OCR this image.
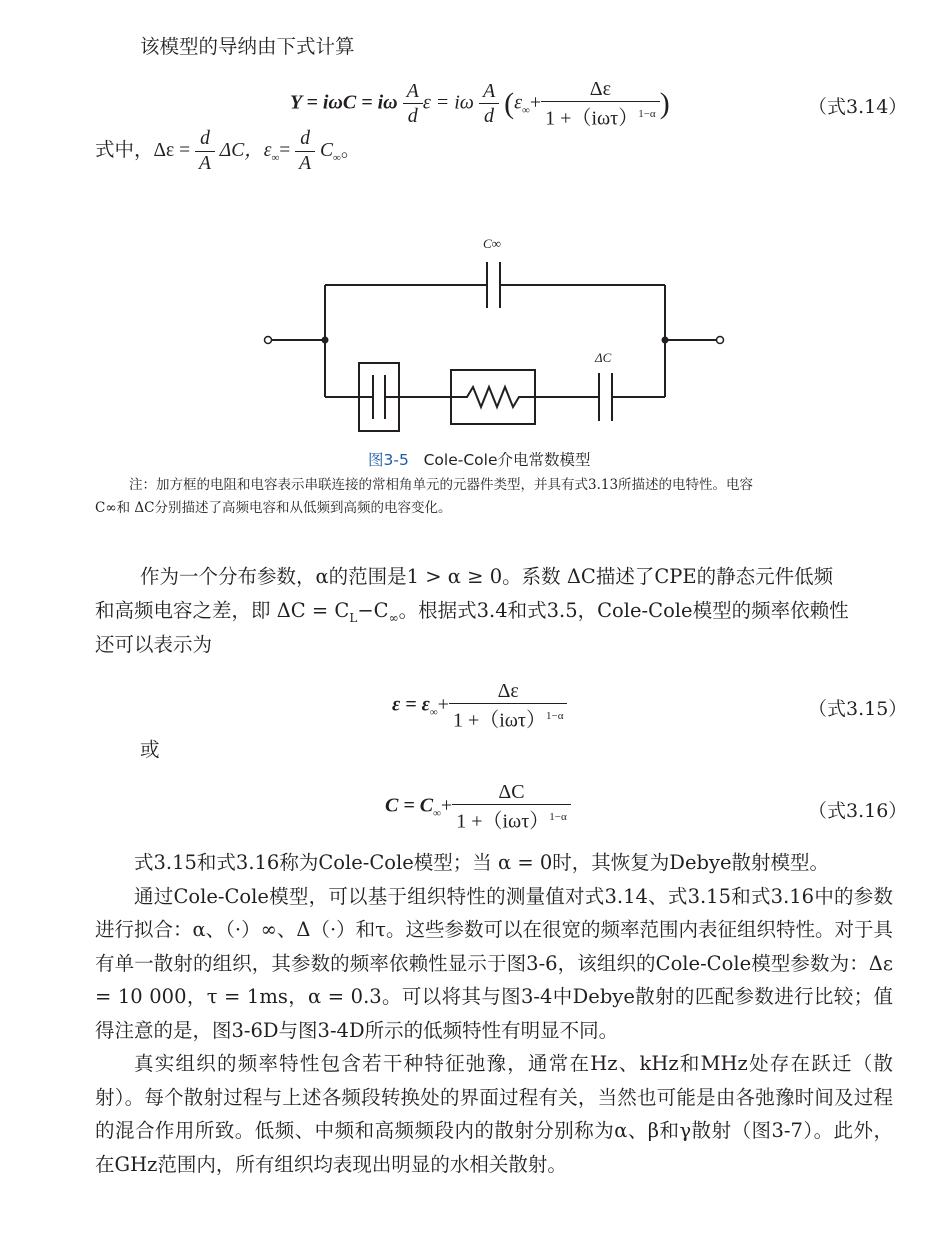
该模型的导纳由下式计算
Y = iωC = iω $\frac{A}{d}$ ε = iω $\frac{A}{d} (\varepsilon_\infty+ \frac{\Delta\varepsilon}{1 +(i\omega\tau)^{1-\alpha}}$ )	（式3.14）
式中，$\Delta\varepsilon = \frac{d}{A}$ ΔC，$\varepsilon_\infty= \frac{d}{A} C_\infty$。
C∞
ΔC
图3-5 Cole-Cole介电常数模型
注：加方框的电阻和电容表示串联连接的常相角单元的元器件类型，并具有式3.13所描述的电特性。电容
C∞和 ΔC分别描述了高频电容和从低频到高频的电容变化。
作为一个分布参数，α的范围是1 > α ≥ 0。系数 ΔC描述了CPE的静态元件低频
和高频电容之差，即 $\Delta C = C_L-C_\infty$。根据式3.4和式3.5，Cole-Cole模型的频率依赖性
还可以表示为
$\varepsilon = \varepsilon_\infty+ \frac{\Delta\varepsilon}{1 +(i\omega\tau)^{1-\alpha}}$	（式3.15）
或
$C = C_\infty+ \frac{\Delta C}{1 +(i\omega\tau)^{1-\alpha}}$	（式3.16）

式3.15和式3.16称为Cole-Cole模型；当 α = 0时，其恢复为Debye散射模型。

通过Cole-Cole模型，可以基于组织特性的测量值对式3.14、式3.15和式3.16中的参数进行拟合：α、（·）∞、Δ（·）和τ。这些参数可以在很宽的频率范围内表征组织特性。对于具有单一散射的组织，其参数的频率依赖性显示于图3-6，该组织的Cole-Cole模型参数为：Δε = 10 000，τ = 1ms，α = 0.3。可以将其与图3-4中Debye散射的匹配参数进行比较；值得注意的是，图3-6D与图3-4D所示的低频特性有明显不同。

真实组织的频率特性包含若干种特征弛豫，通常在Hz、kHz和MHz处存在跃迁（散射）。每个散射过程与上述各频段转换处的界面过程有关，当然也可能是由各弛豫时间及过程的混合作用所致。低频、中频和高频频段内的散射分别称为α、β和γ散射（图3-7）。此外，在GHz范围内，所有组织均表现出明显的水相关散射。
